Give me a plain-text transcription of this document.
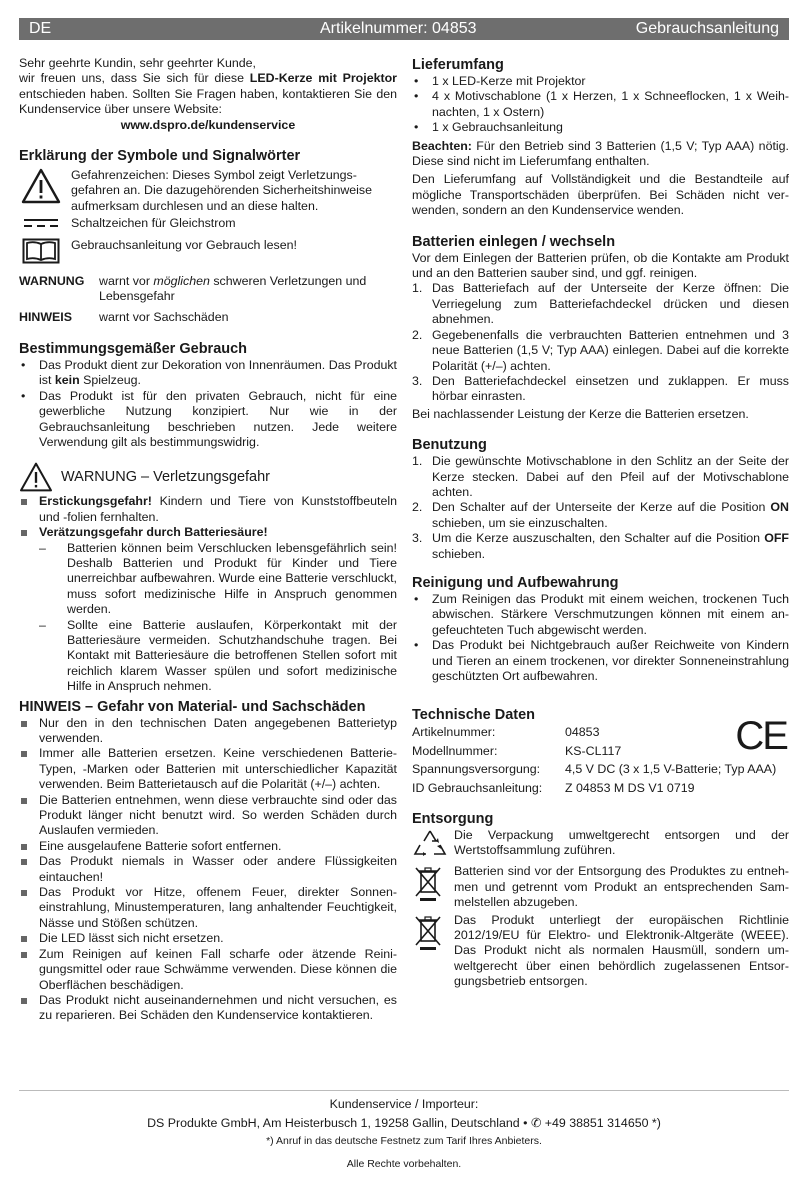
DE	Artikelnummer: 04853	Gebrauchsanleitung

Sehr geehrte Kundin, sehr geehrter Kunde,

wir freuen uns, dass Sie sich für diese LED-Kerze mit Projektor entschieden haben. Sollten Sie Fragen haben, kontaktieren Sie den Kundenservice über unsere Website:

www.dspro.de/kundenservice

Erklärung der Symbole und Signalwörter

Gefahrenzeichen: Dieses Symbol zeigt Verletzungsgefahren an. Die dazugehörenden Sicherheitshinweise aufmerksam durchlesen und an diese halten.

Schaltzeichen für Gleichstrom

Gebrauchsanleitung vor Gebrauch lesen!

WARNUNG	warnt vor möglichen schweren Verletzungen und Lebensgefahr

HINWEIS	warnt vor Sachschäden

Bestimmungsgemäßer Gebrauch
• Das Produkt dient zur Dekoration von Innenräumen. Das Produkt ist kein Spielzeug.
• Das Produkt ist für den privaten Gebrauch, nicht für eine gewerbliche Nutzung konzipiert. Nur wie in der Gebrauchsanleitung beschrieben nutzen. Jede weitere Verwendung gilt als bestimmungswidrig.
WARNUNG – Verletzungsgefahr
Erstickungsgefahr! Kindern und Tiere von Kunststoffbeuteln und -folien fernhalten.
Verätzungsgefahr durch Batteriesäure!
– Batterien können beim Verschlucken lebensgefährlich sein! Deshalb Batterien und Produkt für Kinder und Tiere unerreichbar aufbewahren. Wurde eine Batterie verschluckt, muss sofort medizinische Hilfe in Anspruch genommen werden.
– Sollte eine Batterie auslaufen, Körperkontakt mit der Batteriesäure vermeiden. Schutzhandschuhe tragen. Bei Kontakt mit Batteriesäure die betroffenen Stellen sofort mit reichlich klarem Wasser spülen und sofort medizinische Hilfe in Anspruch nehmen.
HINWEIS – Gefahr von Material- und Sachschäden
Nur den in den technischen Daten angegebenen Batterietyp verwenden.
Immer alle Batterien ersetzen. Keine verschiedenen Batterie-Typen, -Marken oder Batterien mit unterschiedlicher Kapazität verwenden. Beim Batterietausch auf die Polarität (+/–) achten.
Die Batterien entnehmen, wenn diese verbrauchte sind oder das Produkt länger nicht benutzt wird. So werden Schäden durch Auslaufen vermieden.
Eine ausgelaufene Batterie sofort entfernen.
Das Produkt niemals in Wasser oder andere Flüssigkeiten eintauchen!
Das Produkt vor Hitze, offenem Feuer, direkter Sonneneinstrahlung, Minustemperaturen, lang anhaltender Feuchtigkeit, Nässe und Stößen schützen.
Die LED lässt sich nicht ersetzen.
Zum Reinigen auf keinen Fall scharfe oder ätzende Reinigungsmittel oder raue Schwämme verwenden. Diese können die Oberflächen beschädigen.
Das Produkt nicht auseinandernehmen und nicht versuchen, es zu reparieren. Bei Schäden den Kundenservice kontaktieren.
Lieferumfang
• 1 x LED-Kerze mit Projektor
• 4 x Motivschablone (1 x Herzen, 1 x Schneeflocken, 1 x Weihnachten, 1 x Ostern)
• 1 x Gebrauchsanleitung

Beachten: Für den Betrieb sind 3 Batterien (1,5 V; Typ AAA) nötig. Diese sind nicht im Lieferumfang enthalten.

Den Lieferumfang auf Vollständigkeit und die Bestandteile auf mögliche Transportschäden überprüfen. Bei Schäden nicht verwenden, sondern an den Kundenservice wenden.

Batterien einlegen / wechseln

Vor dem Einlegen der Batterien prüfen, ob die Kontakte am Produkt und an den Batterien sauber sind, und ggf. reinigen.

1. Das Batteriefach auf der Unterseite der Kerze öffnen: Die Verriegelung zum Batteriefachdeckel drücken und diesen abnehmen.
2. Gegebenenfalls die verbrauchten Batterien entnehmen und 3 neue Batterien (1,5 V; Typ AAA) einlegen. Dabei auf die korrekte Polarität (+/–) achten.
3. Den Batteriefachdeckel einsetzen und zuklappen. Er muss hörbar einrasten.

Bei nachlassender Leistung der Kerze die Batterien ersetzen.

Benutzung
1. Die gewünschte Motivschablone in den Schlitz an der Seite der Kerze stecken. Dabei auf den Pfeil auf der Motivschablone achten.
2. Den Schalter auf der Unterseite der Kerze auf die Position ON schieben, um sie einzuschalten.
3. Um die Kerze auszuschalten, den Schalter auf die Position OFF schieben.
Reinigung und Aufbewahrung
• Zum Reinigen das Produkt mit einem weichen, trockenen Tuch abwischen. Stärkere Verschmutzungen können mit einem angefeuchteten Tuch abgewischt werden.
• Das Produkt bei Nichtgebrauch außer Reichweite von Kindern und Tieren an einem trockenen, vor direkter Sonneneinstrahlung geschützten Ort aufbewahren.
Technische Daten
Artikelnummer:	04853
Modellnummer:	KS-CL117
Spannungsversorgung:	4,5 V DC (3 x 1,5 V-Batterie; Typ AAA)
ID Gebrauchsanleitung:	Z 04853 M DS V1 0719
CE
Entsorgung

Die Verpackung umweltgerecht entsorgen und der Wertstoffsammlung zuführen.

Batterien sind vor der Entsorgung des Produktes zu entnehmen und getrennt vom Produkt an entsprechenden Sammelstellen abzugeben.

Das Produkt unterliegt der europäischen Richtlinie 2012/19/EU für Elektro- und Elektronik-Altgeräte (WEEE). Das Produkt nicht als normalen Hausmüll, sondern umweltgerecht über einen behördlich zugelassenen Entsorgungsbetrieb entsorgen.

Kundenservice / Importeur:
DS Produkte GmbH, Am Heisterbusch 1, 19258 Gallin, Deutschland • ✆ +49 38851 314650 *)
*) Anruf in das deutsche Festnetz zum Tarif Ihres Anbieters.
Alle Rechte vorbehalten.
